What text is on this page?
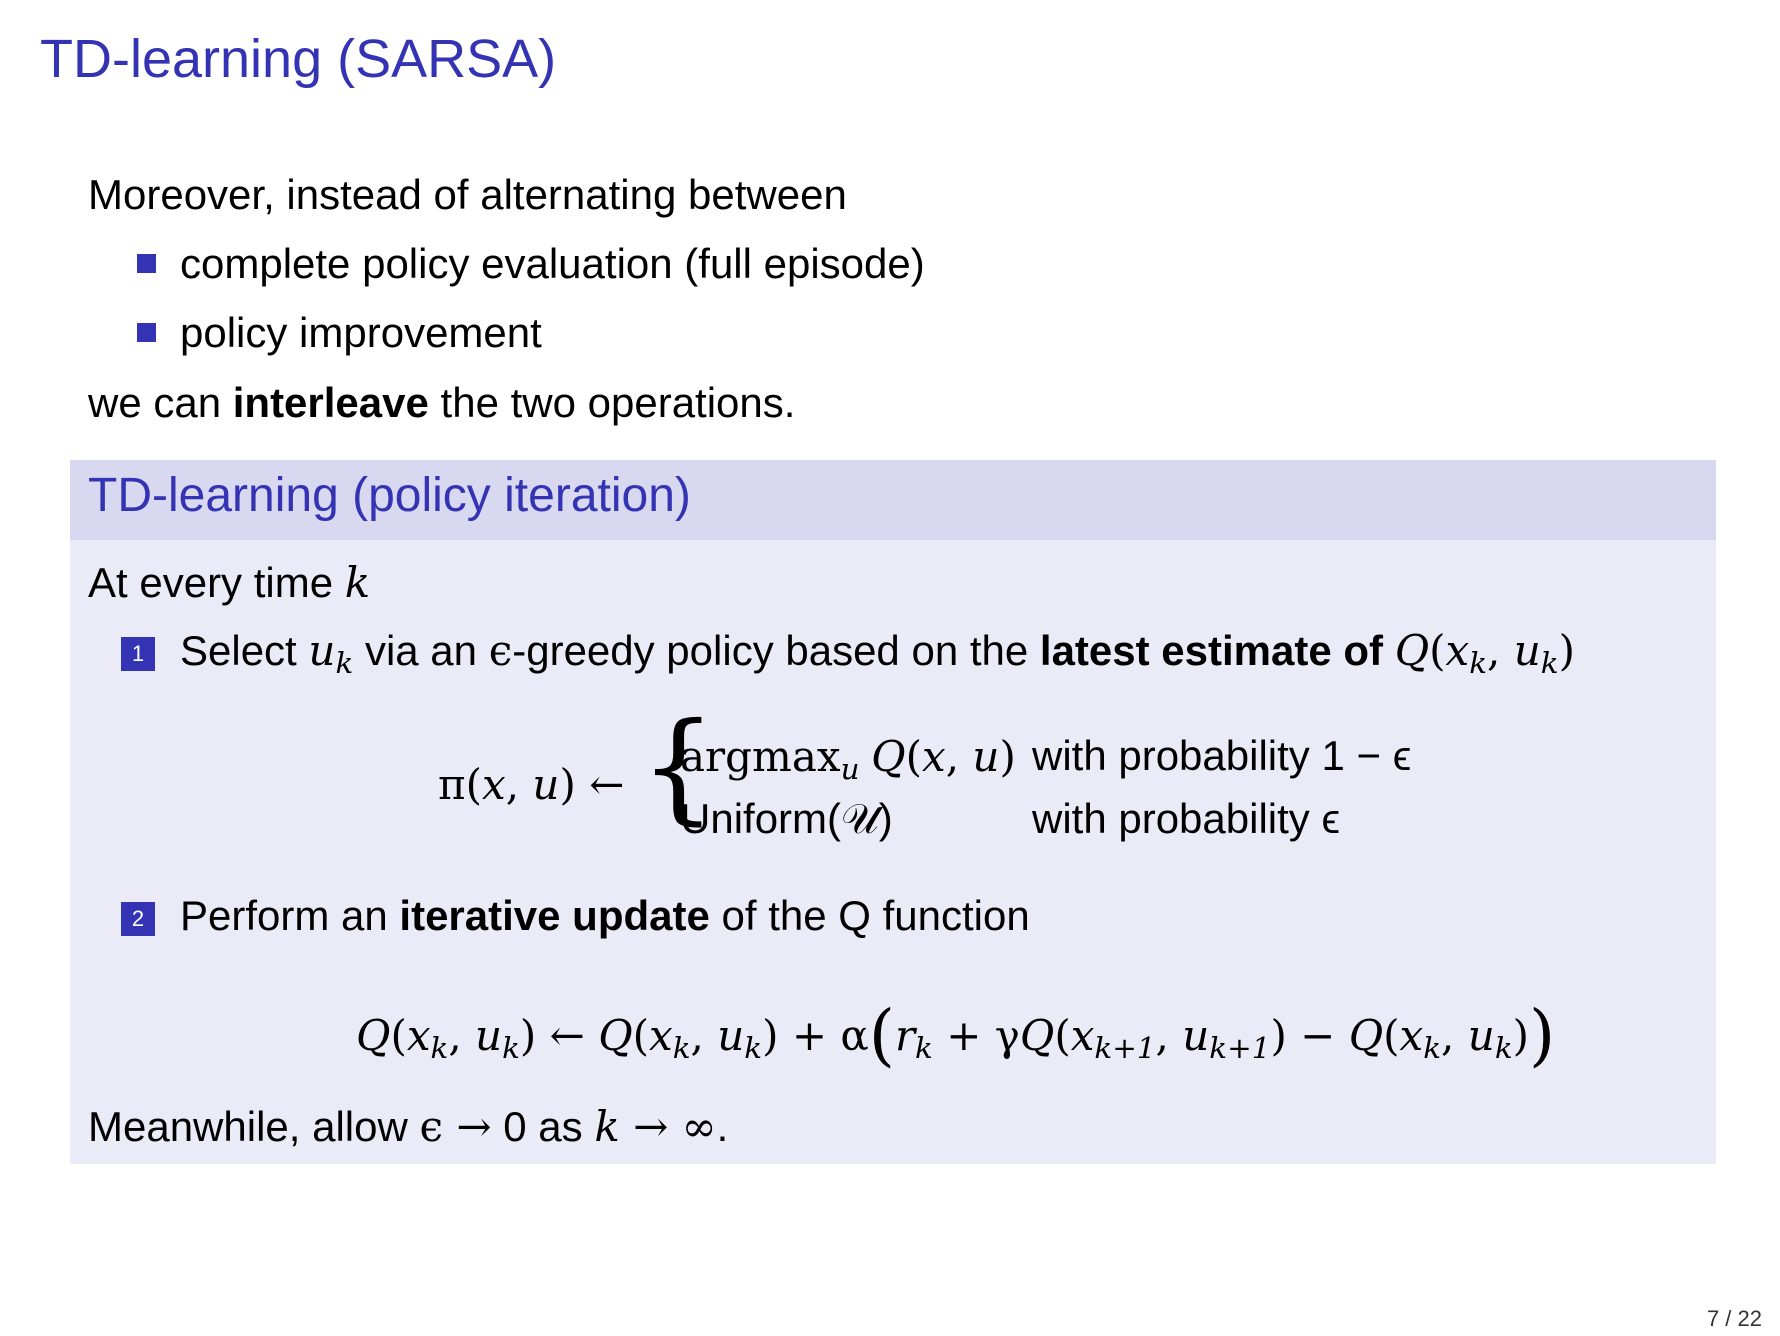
TD-learning (SARSA)
Moreover, instead of alternating between
complete policy evaluation (full episode)
policy improvement
we can interleave the two operations.
TD-learning (policy iteration)
At every time k
1 Select $u_k$ via an ϵ-greedy policy based on the latest estimate of $Q(x_k$, $u_k$)
π(x, u) ← {
argmax$_u$ Q(x, u) with probability 1 − ϵ
Uniform(𝒰)	with probability ϵ
2 Perform an iterative update of the Q function
$Q(x_k$, $u_k$) ← $Q(x_k$, $u_k) + \alpha(r_k + \gamma Q(x_{k+1}$, $u_{k+1}) - Q(x_k$, $u_k$))
Meanwhile, allow ϵ → 0 as k → ∞.
7 / 22
